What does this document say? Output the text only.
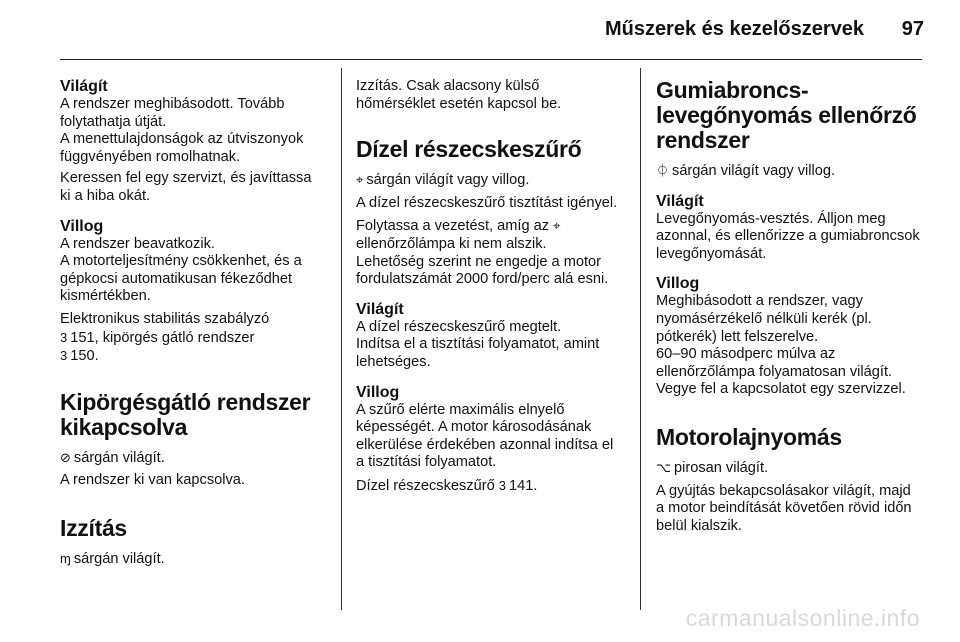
Műszerek és kezelőszervek 97

Világít

A rendszer meghibásodott. Tovább folytathatja útját.

A menettulajdonságok az útviszonyok függvényében romolhatnak.

Keressen fel egy szervizt, és javíttassa ki a hiba okát.

Villog

A rendszer beavatkozik.

A motorteljesítmény csökkenhet, és a gépkocsi automatikusan fékeződhet kismértékben.

Elektronikus stabilitás szabályzó

3 151, kipörgés gátló rendszer

3 150.

Kipörgésgátló rendszer kikapcsolva

⊘ sárgán világít.

A rendszer ki van kapcsolva.

Izzítás

ɱ sárgán világít.

Izzítás. Csak alacsony külső hőmérséklet esetén kapcsol be.

Dízel részecskeszűrő

⌖ sárgán világít vagy villog.

A dízel részecskeszűrő tisztítást igényel.

Folytassa a vezetést, amíg az ⌖

ellenőrzőlámpa ki nem alszik.

Lehetőség szerint ne engedje a motor fordulatszámát 2000 ford/perc alá esni.

Világít

A dízel részecskeszűrő megtelt.

Indítsa el a tisztítási folyamatot, amint lehetséges.

Villog

A szűrő elérte maximális elnyelő képességét. A motor károsodásának elkerülése érdekében azonnal indítsa el a tisztítási folyamatot.

Dízel részecskeszűrő 3 141.

Gumiabroncs-levegőnyomás ellenőrző rendszer

⏀ sárgán világít vagy villog.

Világít

Levegőnyomás-vesztés. Álljon meg azonnal, és ellenőrizze a gumiabroncsok levegőnyomását.

Villog

Meghibásodott a rendszer, vagy nyomásérzékelő nélküli kerék (pl. pótkerék) lett felszerelve.

60–90 másodperc múlva az ellenőrzőlámpa folyamatosan világít. Vegye fel a kapcsolatot egy szervizzel.

Motorolajnyomás

⌥ pirosan világít.

A gyújtás bekapcsolásakor világít, majd a motor beindítását követően rövid időn belül kialszik.

carmanualsonline.info
